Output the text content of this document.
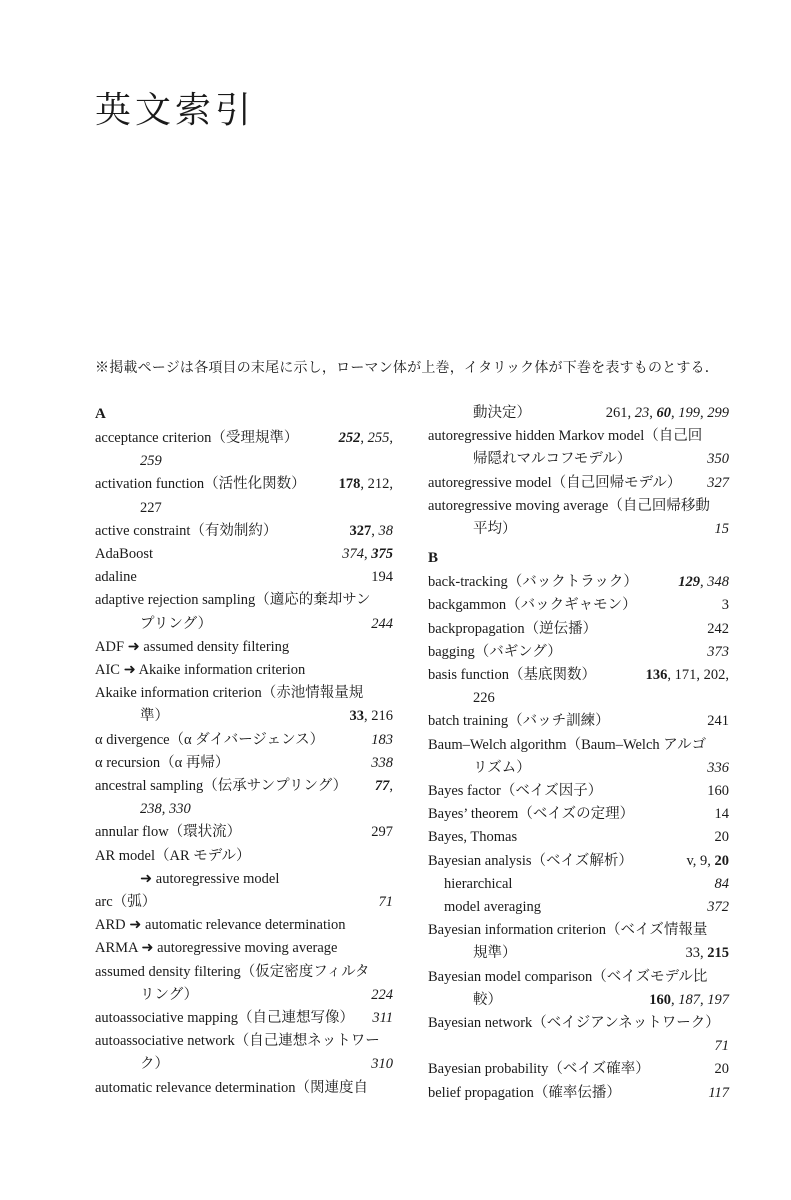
英文索引
※掲載ページは各項目の末尾に示し，ローマン体が上巻，イタリック体が下巻を表すものとする．
A
acceptance criterion（受理規準）	252, 255,
259
activation function（活性化関数） 178, 212,
227
active constraint（有効制約）	327, 38
AdaBoost	374, 375
adaline	194
adaptive rejection sampling（適応的棄却サン
プリング）	244
ADF ➜ assumed density filtering
AIC ➜ Akaike information criterion
Akaike information criterion（赤池情報量規
準）	33, 216
α divergence（α ダイバージェンス）	183
α recursion（α 再帰）	338
ancestral sampling（伝承サンプリング） 77,
238, 330
annular flow（環状流）	297
AR model（AR モデル）
➜ autoregressive model
arc（弧）	71
ARD ➜ automatic relevance determination
ARMA ➜ autoregressive moving average
assumed density filtering（仮定密度フィルタ
リング）	224
autoassociative mapping（自己連想写像） 311
autoassociative network（自己連想ネットワー
ク）	310
automatic relevance determination（関連度自
動決定）	261, 23, 60, 199, 299
autoregressive hidden Markov model（自己回
帰隠れマルコフモデル）	350
autoregressive model（自己回帰モデル） 327
autoregressive moving average（自己回帰移動
平均）	15
B
back-tracking（バックトラック）	129, 348
backgammon（バックギャモン）	3
backpropagation（逆伝播）	242
bagging（バギング）	373
basis function（基底関数）	136, 171, 202,
226
batch training（バッチ訓練）	241
Baum–Welch algorithm（Baum–Welch アルゴ
リズム）	336
Bayes factor（ベイズ因子）	160
Bayes’ theorem（ベイズの定理）	14
Bayes, Thomas	20
Bayesian analysis（ベイズ解析）	v, 9, 20
hierarchical	84
model averaging	372
Bayesian information criterion（ベイズ情報量
規準）	33, 215
Bayesian model comparison（ベイズモデル比
較）	160, 187, 197
Bayesian network（ベイジアンネットワーク）
71
Bayesian probability（ベイズ確率）	20
belief propagation（確率伝播）	117
